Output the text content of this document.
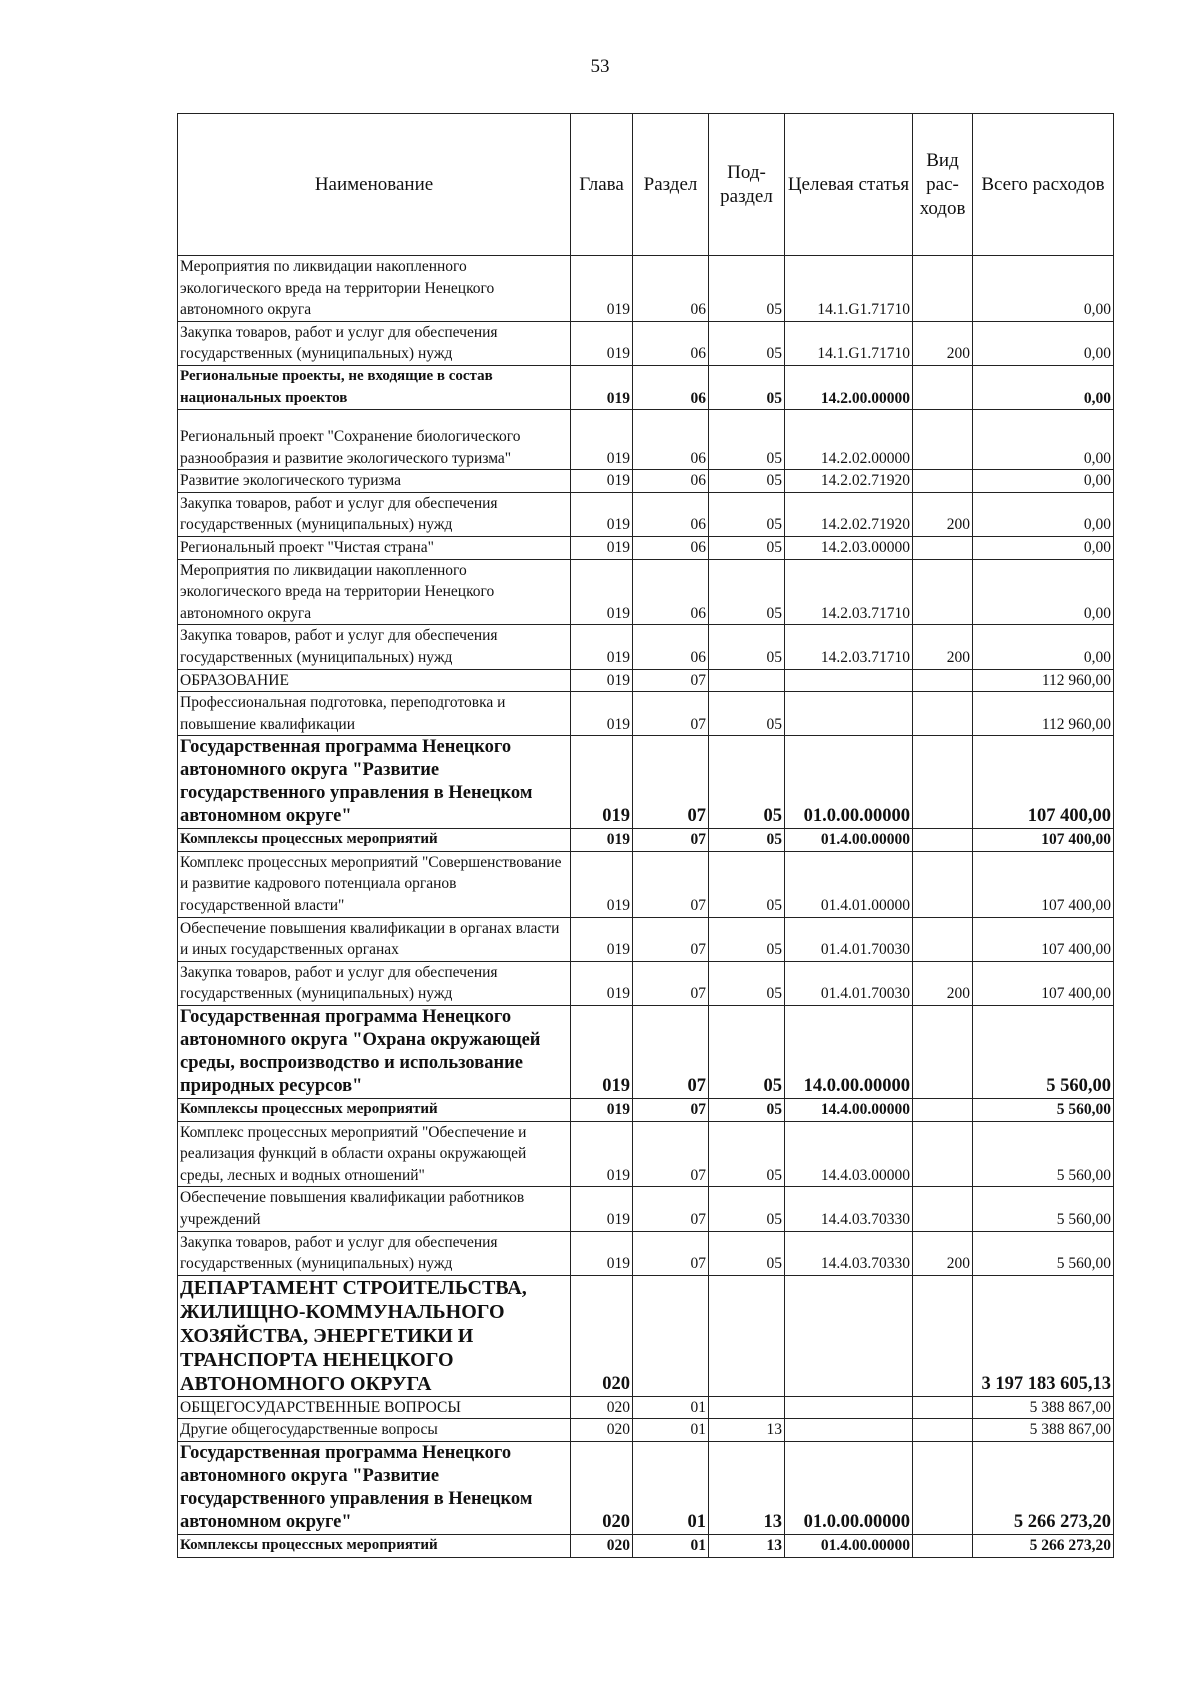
53
Наименование	Глава	Раздел	Под- раздел	Целевая статья	Вид рас- ходов	Всего расходов
Мероприятия по ликвидации накопленного экологического вреда на территории Ненецкого автономного округа	019	06	05	14.1.G1.71710		0,00
Закупка товаров, работ и услуг для обеспечения государственных (муниципальных) нужд	019	06	05	14.1.G1.71710	200	0,00
Региональные проекты, не входящие в состав национальных проектов	019	06	05	14.2.00.00000		0,00
Региональный проект "Сохранение биологического разнообразия и развитие экологического туризма"	019	06	05	14.2.02.00000		0,00
Развитие экологического туризма	019	06	05	14.2.02.71920		0,00
Закупка товаров, работ и услуг для обеспечения государственных (муниципальных) нужд	019	06	05	14.2.02.71920	200	0,00
Региональный проект "Чистая страна"	019	06	05	14.2.03.00000		0,00
Мероприятия по ликвидации накопленного экологического вреда на территории Ненецкого автономного округа	019	06	05	14.2.03.71710		0,00
Закупка товаров, работ и услуг для обеспечения государственных (муниципальных) нужд	019	06	05	14.2.03.71710	200	0,00
ОБРАЗОВАНИЕ	019	07				112 960,00
Профессиональная подготовка, переподготовка и повышение квалификации	019	07	05			112 960,00
Государственная программа Ненецкого автономного округа "Развитие государственного управления в Ненецком автономном округе"	019	07	05	01.0.00.00000		107 400,00
Комплексы процессных мероприятий	019	07	05	01.4.00.00000		107 400,00
Комплекс процессных мероприятий "Совершенствование и развитие кадрового потенциала органов государственной власти"	019	07	05	01.4.01.00000		107 400,00
Обеспечение повышения квалификации в органах власти и иных государственных органах	019	07	05	01.4.01.70030		107 400,00
Закупка товаров, работ и услуг для обеспечения государственных (муниципальных) нужд	019	07	05	01.4.01.70030	200	107 400,00
Государственная программа Ненецкого автономного округа "Охрана окружающей среды, воспроизводство и использование природных ресурсов"	019	07	05	14.0.00.00000		5 560,00
Комплексы процессных мероприятий	019	07	05	14.4.00.00000		5 560,00
Комплекс процессных мероприятий "Обеспечение и реализация функций в области охраны окружающей среды, лесных и водных отношений"	019	07	05	14.4.03.00000		5 560,00
Обеспечение повышения квалификации работников учреждений	019	07	05	14.4.03.70330		5 560,00
Закупка товаров, работ и услуг для обеспечения государственных (муниципальных) нужд	019	07	05	14.4.03.70330	200	5 560,00
ДЕПАРТАМЕНТ СТРОИТЕЛЬСТВА, ЖИЛИЩНО-КОММУНАЛЬНОГО ХОЗЯЙСТВА, ЭНЕРГЕТИКИ И ТРАНСПОРТА НЕНЕЦКОГО АВТОНОМНОГО ОКРУГА	020					3 197 183 605,13
ОБЩЕГОСУДАРСТВЕННЫЕ ВОПРОСЫ	020	01				5 388 867,00
Другие общегосударственные вопросы	020	01	13			5 388 867,00
Государственная программа Ненецкого автономного округа "Развитие государственного управления в Ненецком автономном округе"	020	01	13	01.0.00.00000		5 266 273,20
Комплексы процессных мероприятий	020	01	13	01.4.00.00000		5 266 273,20
